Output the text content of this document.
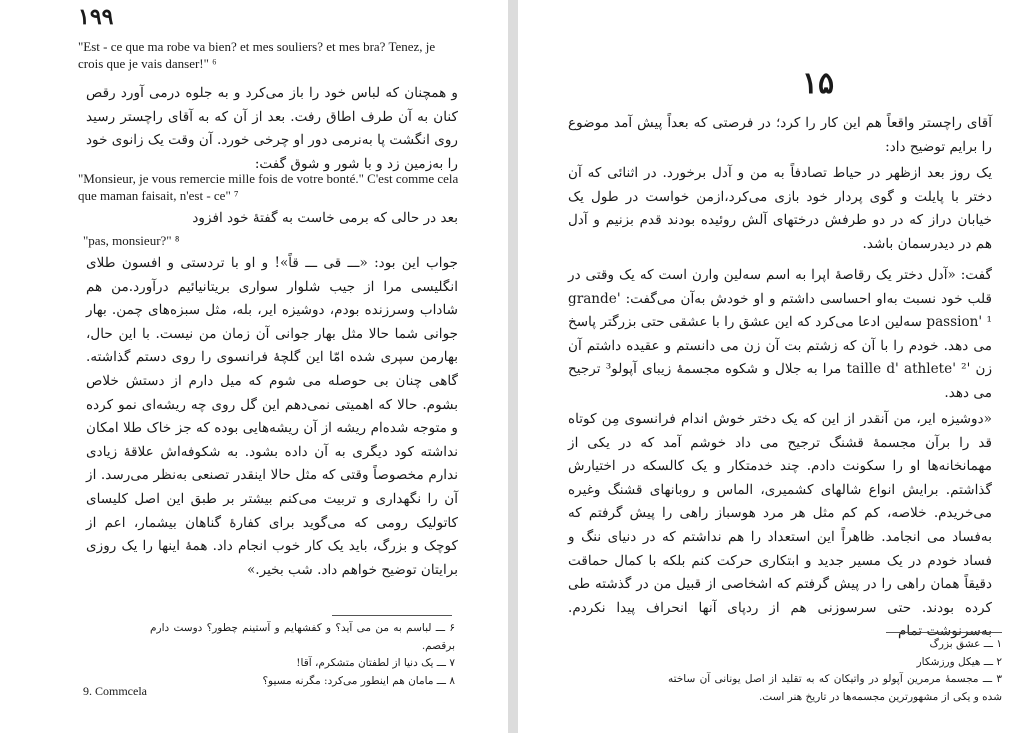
۱۹۹
"Est - ce que ma robe va bien? et mes souliers? et mes bra? Tenez, je crois que je vais danser!" ⁶
و همچنان که لباس خود را باز می‌کرد و به جلوه درمی آورد رقص کنان به آن طرف اطاق رفت. بعد از آن که به آقای راچستر رسید روی انگشت پا به‌نرمی دور او چرخی خورد. آن وقت یک زانوی خود را به‌زمین زد و با شور و شوق گفت:
"Monsieur, je vous remercie mille fois de votre bonté." C'est comme cela que maman faisait, n'est - ce" ⁷
بعد در حالی که برمی خاست به گفتهٔ خود افزود
"pas, monsieur?" ⁸
جواب این بود: «ـــ قی ـــ قاً»! و او با تردستی و افسون طلای انگلیسی مرا از جیب شلوار سواری بریتانیائیم درآورد.من هم شاداب وسرزنده بودم، دوشیزه ایر، بله، مثل سبزه‌های چمن. بهار جوانی شما حالا مثل بهار جوانی آن زمان من نیست. با این حال، بهارمن سپری شده امّا این گلچهٔ فرانسوی را روی دستم گذاشته. گاهی چنان بی حوصله می شوم که میل دارم از دستش خلاص بشوم. حالا که اهمیتی نمی‌دهم این گل روی چه ریشه‌ای نمو کرده و متوجه شده‌ام ریشه از آن ریشه‌هایی بوده که جز خاک طلا امکان نداشته کود دیگری به آن داده بشود. به شکوفه‌اش علاقهٔ زیادی ندارم مخصوصاً وقتی که مثل حالا اینقدر تصنعی به‌نظر می‌رسد. از آن را نگهداری و تربیت می‌کنم بیشتر بر طبق این اصل کلیسای کاتولیک رومی که می‌گوید برای کفارهٔ گناهان بیشمار، اعم از کوچک و بزرگ، باید یک کار خوب انجام داد. همهٔ اینها را یک روزی برایتان توضیح خواهم داد. شب بخیر.»
۶ ـــ لباسم به من می آید؟ و کفشهایم و آستینم چطور؟ دوست دارم برقصم.
۷ ـــ یک دنیا از لطفتان متشکرم، آقا!
۸ ـــ مامان هم اینطور می‌کرد: مگرنه مسیو؟
9. Commcela
۱۵
آقای راچستر واقعاً هم این کار را کرد؛ در فرصتی که بعداً پیش آمد موضوع را برایم توضیح داد:
یک روز بعد ازظهر در حیاط تصادفاً به من و آدل برخورد. در اثنائی که آن دختر با پایلت و گوی پردار خود بازی می‌کرد،ازمن خواست در طول یک خیابان دراز که در دو طرفش درختهای آلش روئیده بودند قدم بزنیم و آدل هم در دیدرسمان باشد.
گفت: «آدل دختر یک رقاصهٔ اپرا به اسم سه‌لین وارن است که یک وقتی در قلب خود نسبت به‌او احساسی داشتم و او خودش به‌آن می‌گفت: 'grande passion' ¹ سه‌لین ادعا می‌کرد که این عشق را با عشقی حتی بزرگتر پاسخ می دهد. خودم را با آن که زشتم بت آن زن می دانستم و عقیده داشتم آن زن 'taille d' athlete' ² مرا به جلال و شکوه مجسمهٔ زیبای آپولو³ ترجیح می دهد.
«دوشیزه ایر، من آنقدر از این که یک دختر خوش اندام فرانسوی مِن کوتاه قد را برآن مجسمهٔ قشنگ ترجیح می داد خوشم آمد که در یکی از مهمانخانه‌ها او را سکونت دادم. چند خدمتکار و یک کالسکه در اختیارش گذاشتم. برایش انواع شالهای کشمیری، الماس و روبانهای قشنگ وغیره می‌خریدم. خلاصه، کم کم مثل هر مرد هوسباز راهی را پیش گرفتم که به‌فساد می انجامد. ظاهراً این استعداد را هم نداشتم که در دنیای ننگ و فساد خودم در یک مسیر جدید و ابتکاری حرکت کنم بلکه با کمال حماقت دقیقاً همان راهی را در پیش گرفتم که اشخاصی از قبیل من در گذشته طی کرده بودند. حتی سرسوزنی هم از ردپای آنها انحراف پیدا نکردم. به‌سرنوشت تمام
۱ ـــ عشق بزرگ
۲ ـــ هیکل ورزشکار
۳ ـــ مجسمهٔ مرمرین آپولو در واتیکان که به تقلید از اصل یونانی آن ساخته شده و یکی از مشهورترین مجسمه‌ها در تاریخ هنر است.
